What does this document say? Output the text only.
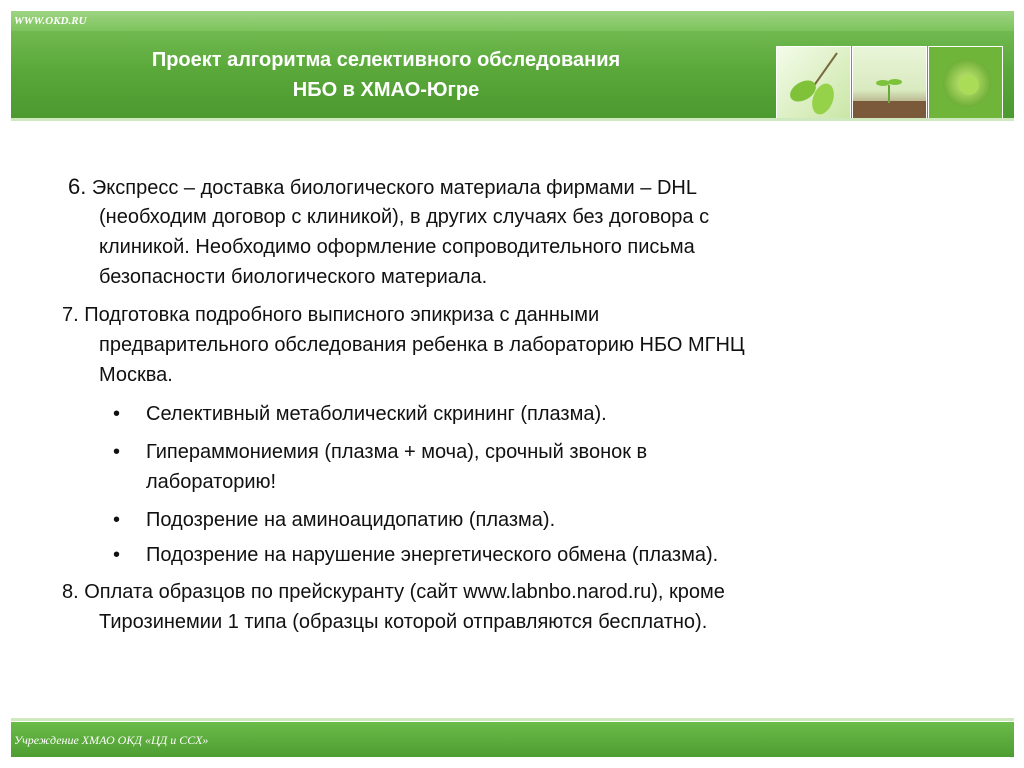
WWW.OKD.RU
Проект алгоритма селективного обследования
НБО в ХМАО-Югре

6. Экспресс – доставка биологического материала фирмами – DHL

(необходим договор с клиникой), в других случаях без договора с

клиникой. Необходимо оформление сопроводительного письма

безопасности биологического материала.

7. Подготовка подробного выписного эпикриза с данными

предварительного обследования ребенка в лабораторию НБО МГНЦ

Москва.

• Селективный метаболический скрининг (плазма).

• Гипераммониемия (плазма + моча), срочный звонок в

лабораторию!

• Подозрение на аминоацидопатию (плазма).

• Подозрение на нарушение энергетического обмена (плазма).

8. Оплата образцов по прейскуранту (сайт www.labnbo.narod.ru), кроме

Тирозинемии 1 типа (образцы которой отправляются бесплатно).

Учреждение ХМАО ОКД «ЦД и ССХ»
